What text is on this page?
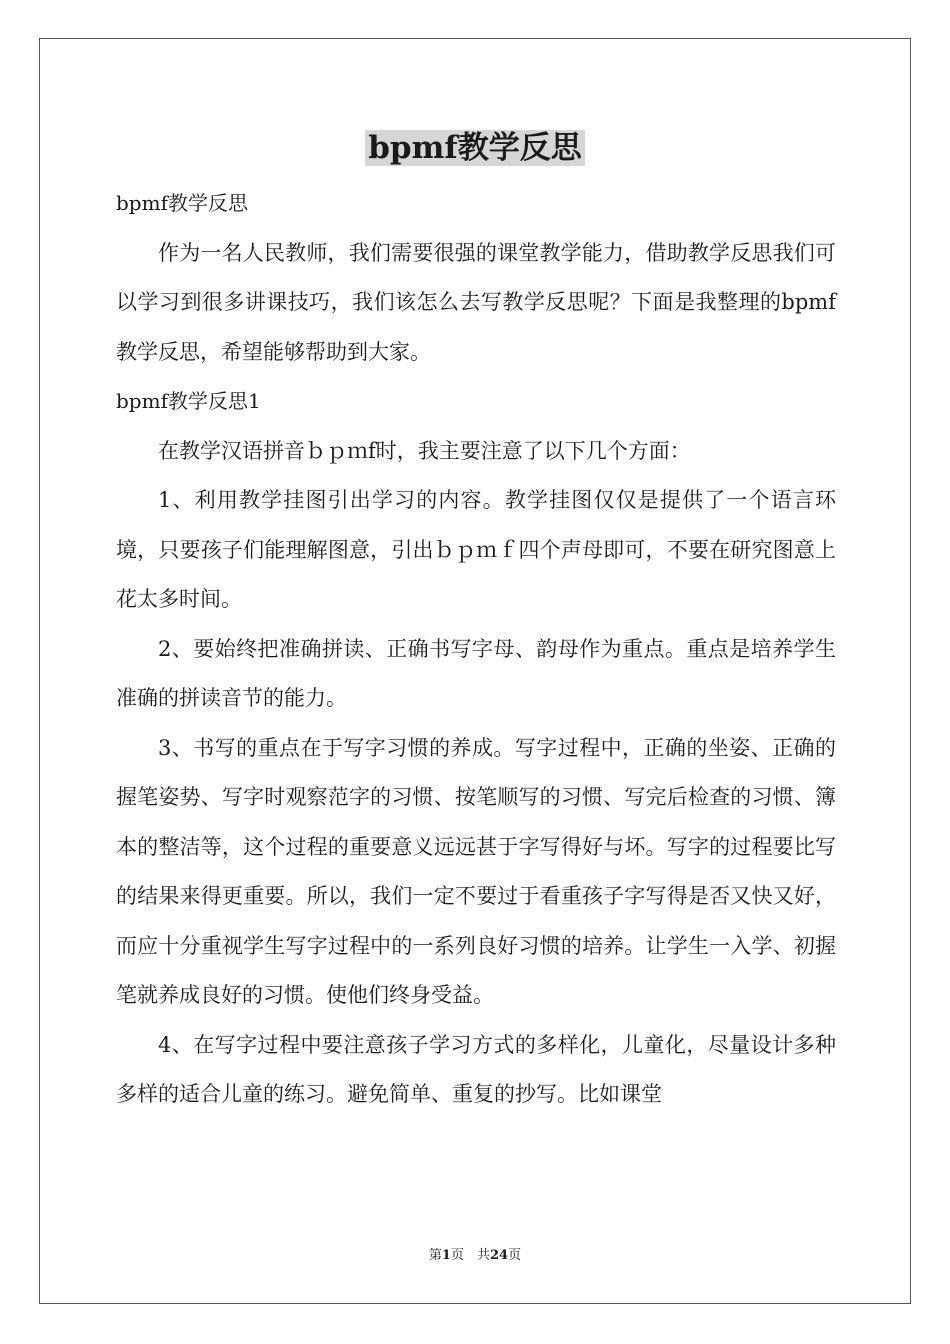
bpmf教学反思

bpmf教学反思

作为一名人民教师，我们需要很强的课堂教学能力，借助教学反思我们可以学习到很多讲课技巧，我们该怎么去写教学反思呢？下面是我整理的bpmf教学反思，希望能够帮助到大家。

bpmf教学反思1

在教学汉语拼音ｂｐｍf时，我主要注意了以下几个方面：

1、利用教学挂图引出学习的内容。教学挂图仅仅是提供了一个语言环境，只要孩子们能理解图意，引出ｂｐｍｆ四个声母即可，不要在研究图意上花太多时间。

2、要始终把准确拼读、正确书写字母、韵母作为重点。重点是培养学生准确的拼读音节的能力。

3、书写的重点在于写字习惯的养成。写字过程中，正确的坐姿、正确的握笔姿势、写字时观察范字的习惯、按笔顺写的习惯、写完后检查的习惯、簿本的整洁等，这个过程的重要意义远远甚于字写得好与坏。写字的过程要比写的结果来得更重要。所以，我们一定不要过于看重孩子字写得是否又快又好，而应十分重视学生写字过程中的一系列良好习惯的培养。让学生一入学、初握笔就养成良好的习惯。使他们终身受益。

4、在写字过程中要注意孩子学习方式的多样化，儿童化，尽量设计多种多样的适合儿童的练习。避免简单、重复的抄写。比如课堂

第1页　共24页
